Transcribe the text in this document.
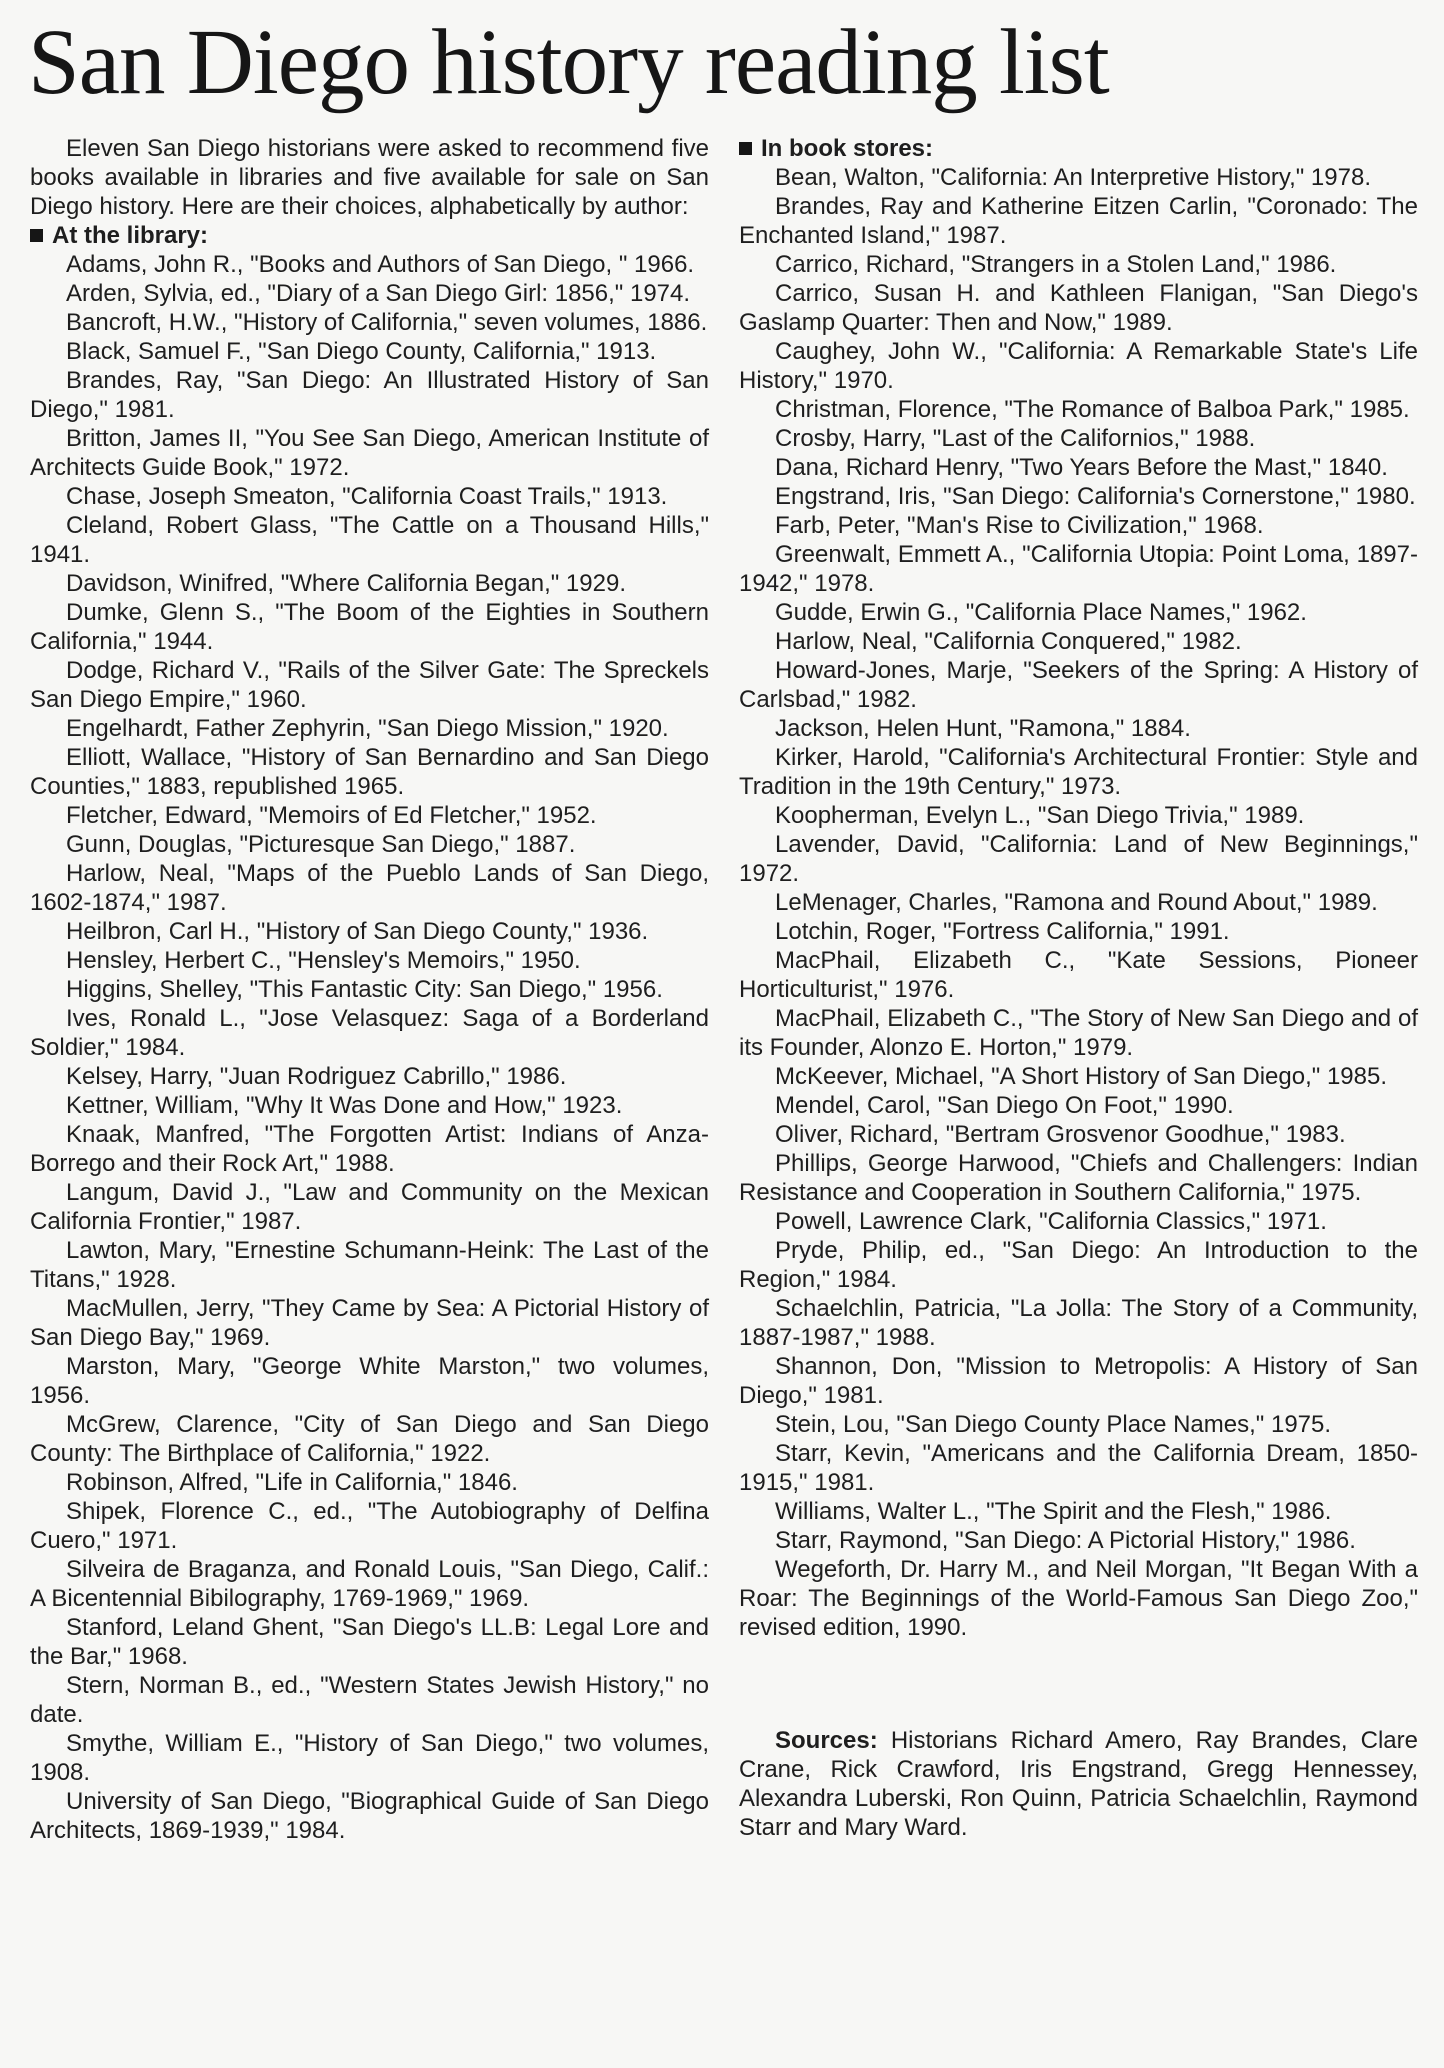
San Diego history reading list

Eleven San Diego historians were asked to recommend five books available in libraries and five available for sale on San Diego history. Here are their choices, alphabetically by author:

At the library:

Adams, John R., "Books and Authors of San Diego, " 1966.

Arden, Sylvia, ed., "Diary of a San Diego Girl: 1856," 1974.

Bancroft, H.W., "History of California," seven volumes, 1886.

Black, Samuel F., "San Diego County, California," 1913.

Brandes, Ray, "San Diego: An Illustrated History of San Diego," 1981.

Britton, James II, "You See San Diego, American Institute of Architects Guide Book," 1972.

Chase, Joseph Smeaton, "California Coast Trails," 1913.

Cleland, Robert Glass, "The Cattle on a Thousand Hills," 1941.

Davidson, Winifred, "Where California Began," 1929.

Dumke, Glenn S., "The Boom of the Eighties in Southern California," 1944.

Dodge, Richard V., "Rails of the Silver Gate: The Spreckels San Diego Empire," 1960.

Engelhardt, Father Zephyrin, "San Diego Mission," 1920.

Elliott, Wallace, "History of San Bernardino and San Diego Counties," 1883, republished 1965.

Fletcher, Edward, "Memoirs of Ed Fletcher," 1952.

Gunn, Douglas, "Picturesque San Diego," 1887.

Harlow, Neal, "Maps of the Pueblo Lands of San Diego, 1602-1874," 1987.

Heilbron, Carl H., "History of San Diego County," 1936.

Hensley, Herbert C., "Hensley's Memoirs," 1950.

Higgins, Shelley, "This Fantastic City: San Diego," 1956.

Ives, Ronald L., "Jose Velasquez: Saga of a Borderland Soldier," 1984.

Kelsey, Harry, "Juan Rodriguez Cabrillo," 1986.

Kettner, William, "Why It Was Done and How," 1923.

Knaak, Manfred, "The Forgotten Artist: Indians of Anza-Borrego and their Rock Art," 1988.

Langum, David J., "Law and Community on the Mexican California Frontier," 1987.

Lawton, Mary, "Ernestine Schumann-Heink: The Last of the Titans," 1928.

MacMullen, Jerry, "They Came by Sea: A Pictorial History of San Diego Bay," 1969.

Marston, Mary, "George White Marston," two volumes, 1956.

McGrew, Clarence, "City of San Diego and San Diego County: The Birthplace of California," 1922.

Robinson, Alfred, "Life in California," 1846.

Shipek, Florence C., ed., "The Autobiography of Delfina Cuero," 1971.

Silveira de Braganza, and Ronald Louis, "San Diego, Calif.: A Bicentennial Bibilography, 1769-1969," 1969.

Stanford, Leland Ghent, "San Diego's LL.B: Legal Lore and the Bar," 1968.

Stern, Norman B., ed., "Western States Jewish History," no date.

Smythe, William E., "History of San Diego," two volumes, 1908.

University of San Diego, "Biographical Guide of San Diego Architects, 1869-1939," 1984.

In book stores:

Bean, Walton, "California: An Interpretive History," 1978.

Brandes, Ray and Katherine Eitzen Carlin, "Coronado: The Enchanted Island," 1987.

Carrico, Richard, "Strangers in a Stolen Land," 1986.

Carrico, Susan H. and Kathleen Flanigan, "San Diego's Gaslamp Quarter: Then and Now," 1989.

Caughey, John W., "California: A Remarkable State's Life History," 1970.

Christman, Florence, "The Romance of Balboa Park," 1985.

Crosby, Harry, "Last of the Californios," 1988.

Dana, Richard Henry, "Two Years Before the Mast," 1840.

Engstrand, Iris, "San Diego: California's Cornerstone," 1980.

Farb, Peter, "Man's Rise to Civilization," 1968.

Greenwalt, Emmett A., "California Utopia: Point Loma, 1897-1942," 1978.

Gudde, Erwin G., "California Place Names," 1962.

Harlow, Neal, "California Conquered," 1982.

Howard-Jones, Marje, "Seekers of the Spring: A History of Carlsbad," 1982.

Jackson, Helen Hunt, "Ramona," 1884.

Kirker, Harold, "California's Architectural Frontier: Style and Tradition in the 19th Century," 1973.

Koopherman, Evelyn L., "San Diego Trivia," 1989.

Lavender, David, "California: Land of New Beginnings," 1972.

LeMenager, Charles, "Ramona and Round About," 1989.

Lotchin, Roger, "Fortress California," 1991.

MacPhail, Elizabeth C., "Kate Sessions, Pioneer Horticulturist," 1976.

MacPhail, Elizabeth C., "The Story of New San Diego and of its Founder, Alonzo E. Horton," 1979.

McKeever, Michael, "A Short History of San Diego," 1985.

Mendel, Carol, "San Diego On Foot," 1990.

Oliver, Richard, "Bertram Grosvenor Goodhue," 1983.

Phillips, George Harwood, "Chiefs and Challengers: Indian Resistance and Cooperation in Southern California," 1975.

Powell, Lawrence Clark, "California Classics," 1971.

Pryde, Philip, ed., "San Diego: An Introduction to the Region," 1984.

Schaelchlin, Patricia, "La Jolla: The Story of a Community, 1887-1987," 1988.

Shannon, Don, "Mission to Metropolis: A History of San Diego," 1981.

Stein, Lou, "San Diego County Place Names," 1975.

Starr, Kevin, "Americans and the California Dream, 1850-1915," 1981.

Williams, Walter L., "The Spirit and the Flesh," 1986.

Starr, Raymond, "San Diego: A Pictorial History," 1986.

Wegeforth, Dr. Harry M., and Neil Morgan, "It Began With a Roar: The Beginnings of the World-Famous San Diego Zoo," revised edition, 1990.

Sources: Historians Richard Amero, Ray Brandes, Clare Crane, Rick Crawford, Iris Engstrand, Gregg Hennessey, Alexandra Luberski, Ron Quinn, Patricia Schaelchlin, Raymond Starr and Mary Ward.
